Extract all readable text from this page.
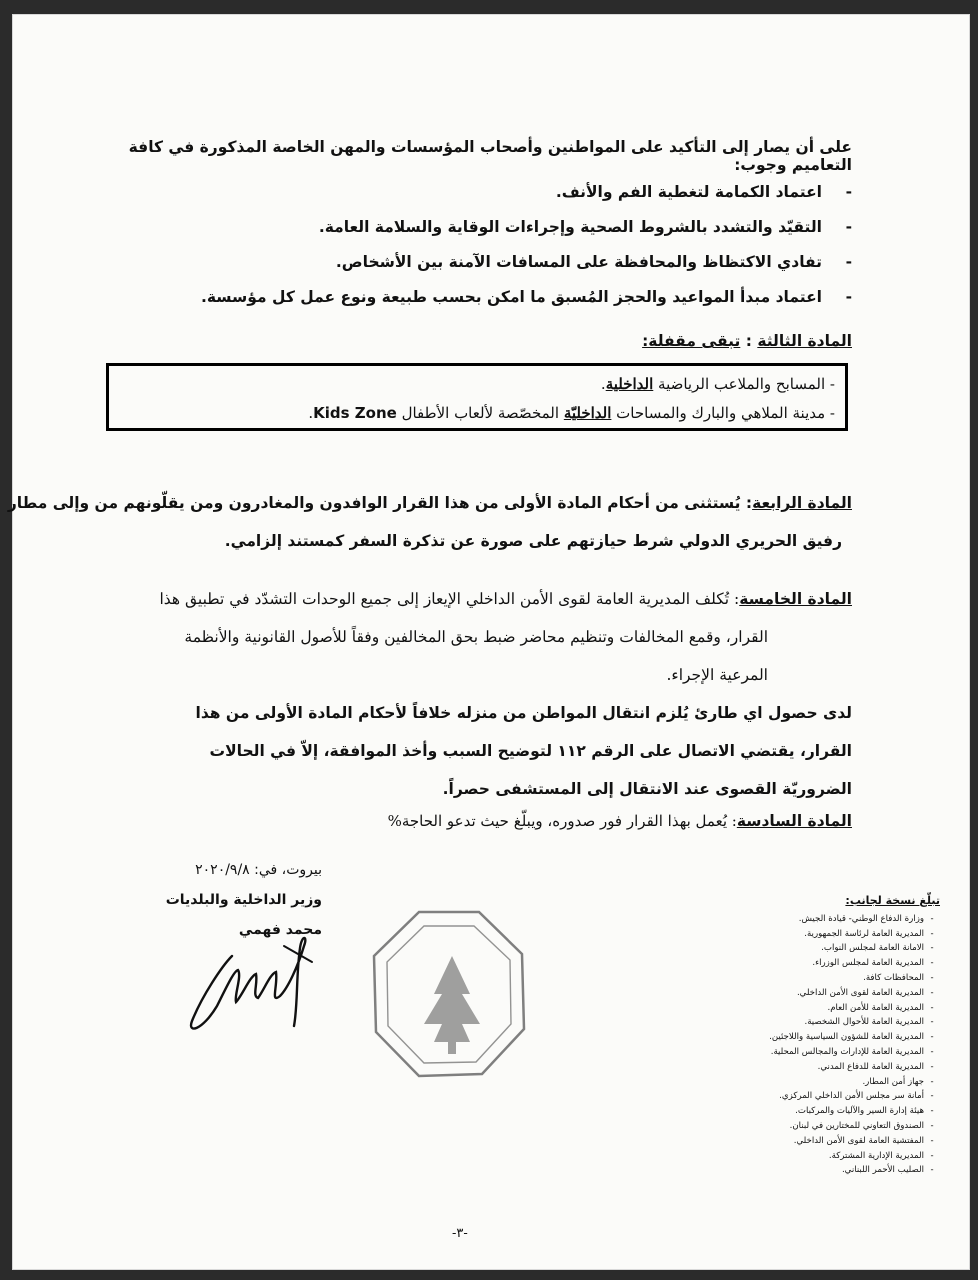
على أن يصار إلى التأكيد على المواطنين وأصحاب المؤسسات والمهن الخاصة المذكورة في كافة التعاميم وجوب:
-اعتماد الكمامة لتغطية الفم والأنف.
-التقيّد والتشدد بالشروط الصحية وإجراءات الوقاية والسلامة العامة.
-تفادي الاكتظاظ والمحافظة على المسافات الآمنة بين الأشخاص.
-اعتماد مبدأ المواعيد والحجز المُسبق ما امكن بحسب طبيعة ونوع عمل كل مؤسسة.
المادة الثالثة : تبقى مقفلة:
- المسابح والملاعب الرياضية الداخلية.
- مدينة الملاهي والبارك والمساحات الداخليّة المخصّصة لألعاب الأطفال Kids Zone.
المادة الرابعة: يُستثنى من أحكام المادة الأولى من هذا القرار الوافدون والمغادرون ومن يقلّونهم من وإلى مطار
رفيق الحريري الدولي شرط حيازتهم على صورة عن تذكرة السفر كمستند إلزامي.
المادة الخامسة: تُكلف المديرية العامة لقوى الأمن الداخلي الإيعاز إلى جميع الوحدات التشدّد في تطبيق هذا
القرار، وقمع المخالفات وتنظيم محاضر ضبط بحق المخالفين وفقاً للأصول القانونية والأنظمة
المرعية الإجراء.
لدى حصول اي طارئ يُلزم انتقال المواطن من منزله خلافاً لأحكام المادة الأولى من هذا
القرار، يقتضي الاتصال على الرقم ١١٢ لتوضيح السبب وأخذ الموافقة، إلاّ في الحالات
الضروريّة القصوى عند الانتقال إلى المستشفى حصراً.
المادة السادسة: يُعمل بهذا القرار فور صدوره، ويبلّغ حيث تدعو الحاجة%
بيروت، في: ٢٠٢٠/٩/٨
وزير الداخلية والبلديات
محمد فهمي
تبلّغ نسخة لجانب:
-وزارة الدفاع الوطني- قيادة الجيش.
-المديرية العامة لرئاسة الجمهورية.
-الامانة العامة لمجلس النواب.
-المديرية العامة لمجلس الوزراء.
-المحافظات كافة.
-المديرية العامة لقوى الأمن الداخلي.
-المديرية العامة للأمن العام.
-المديرية العامة للأحوال الشخصية.
-المديرية العامة للشؤون السياسية واللاجئين.
-المديرية العامة للإدارات والمجالس المحلية.
-المديرية العامة للدفاع المدني.
-جهاز أمن المطار.
-أمانة سر مجلس الأمن الداخلي المركزي.
-هيئة إدارة السير والآليات والمركبات.
-الصندوق التعاوني للمختارين في لبنان.
-المفتشية العامة لقوى الأمن الداخلي.
-المديرية الإدارية المشتركة.
-الصليب الأحمر اللبناني.
-٣-
